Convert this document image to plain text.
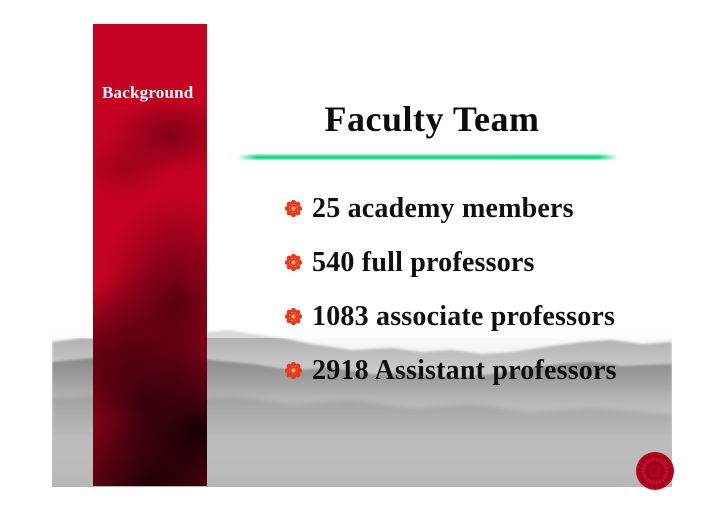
Background
Faculty Team
25 academy members
540 full professors
1083 associate professors
2918 Assistant professors
